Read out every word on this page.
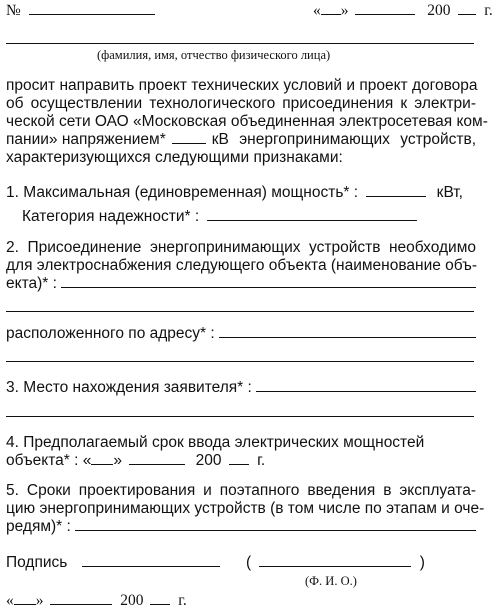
№	« »	200 г.
(фамилия, имя, отчество физического лица)
просит направить проект технических условий и проект договора
об осуществлении технологического присоединения к электри-
ческой сети ОАО «Московская объединенная электросетевая ком-
пании» напряжением*	кВ энергопринимающих устройств,
характеризующихся следующими признаками:
1. Максимальная (единовременная) мощность* :	кВт,
Категория надежности* :
2. Присоединение энергопринимающих устройств необходимо
для электроснабжения следующего объекта (наименование объ-
екта)* :
расположенного по адресу* :
3. Место нахождения заявителя* :
4. Предполагаемый срок ввода электрических мощностей
объекта* : « »	200 г.
5. Сроки проектирования и поэтапного введения в эксплуата-
цию энергопринимающих устройств (в том числе по этапам и оче-
редям)* :
Подпись	(	)
(Ф. И. О.)
« »	200 г.
